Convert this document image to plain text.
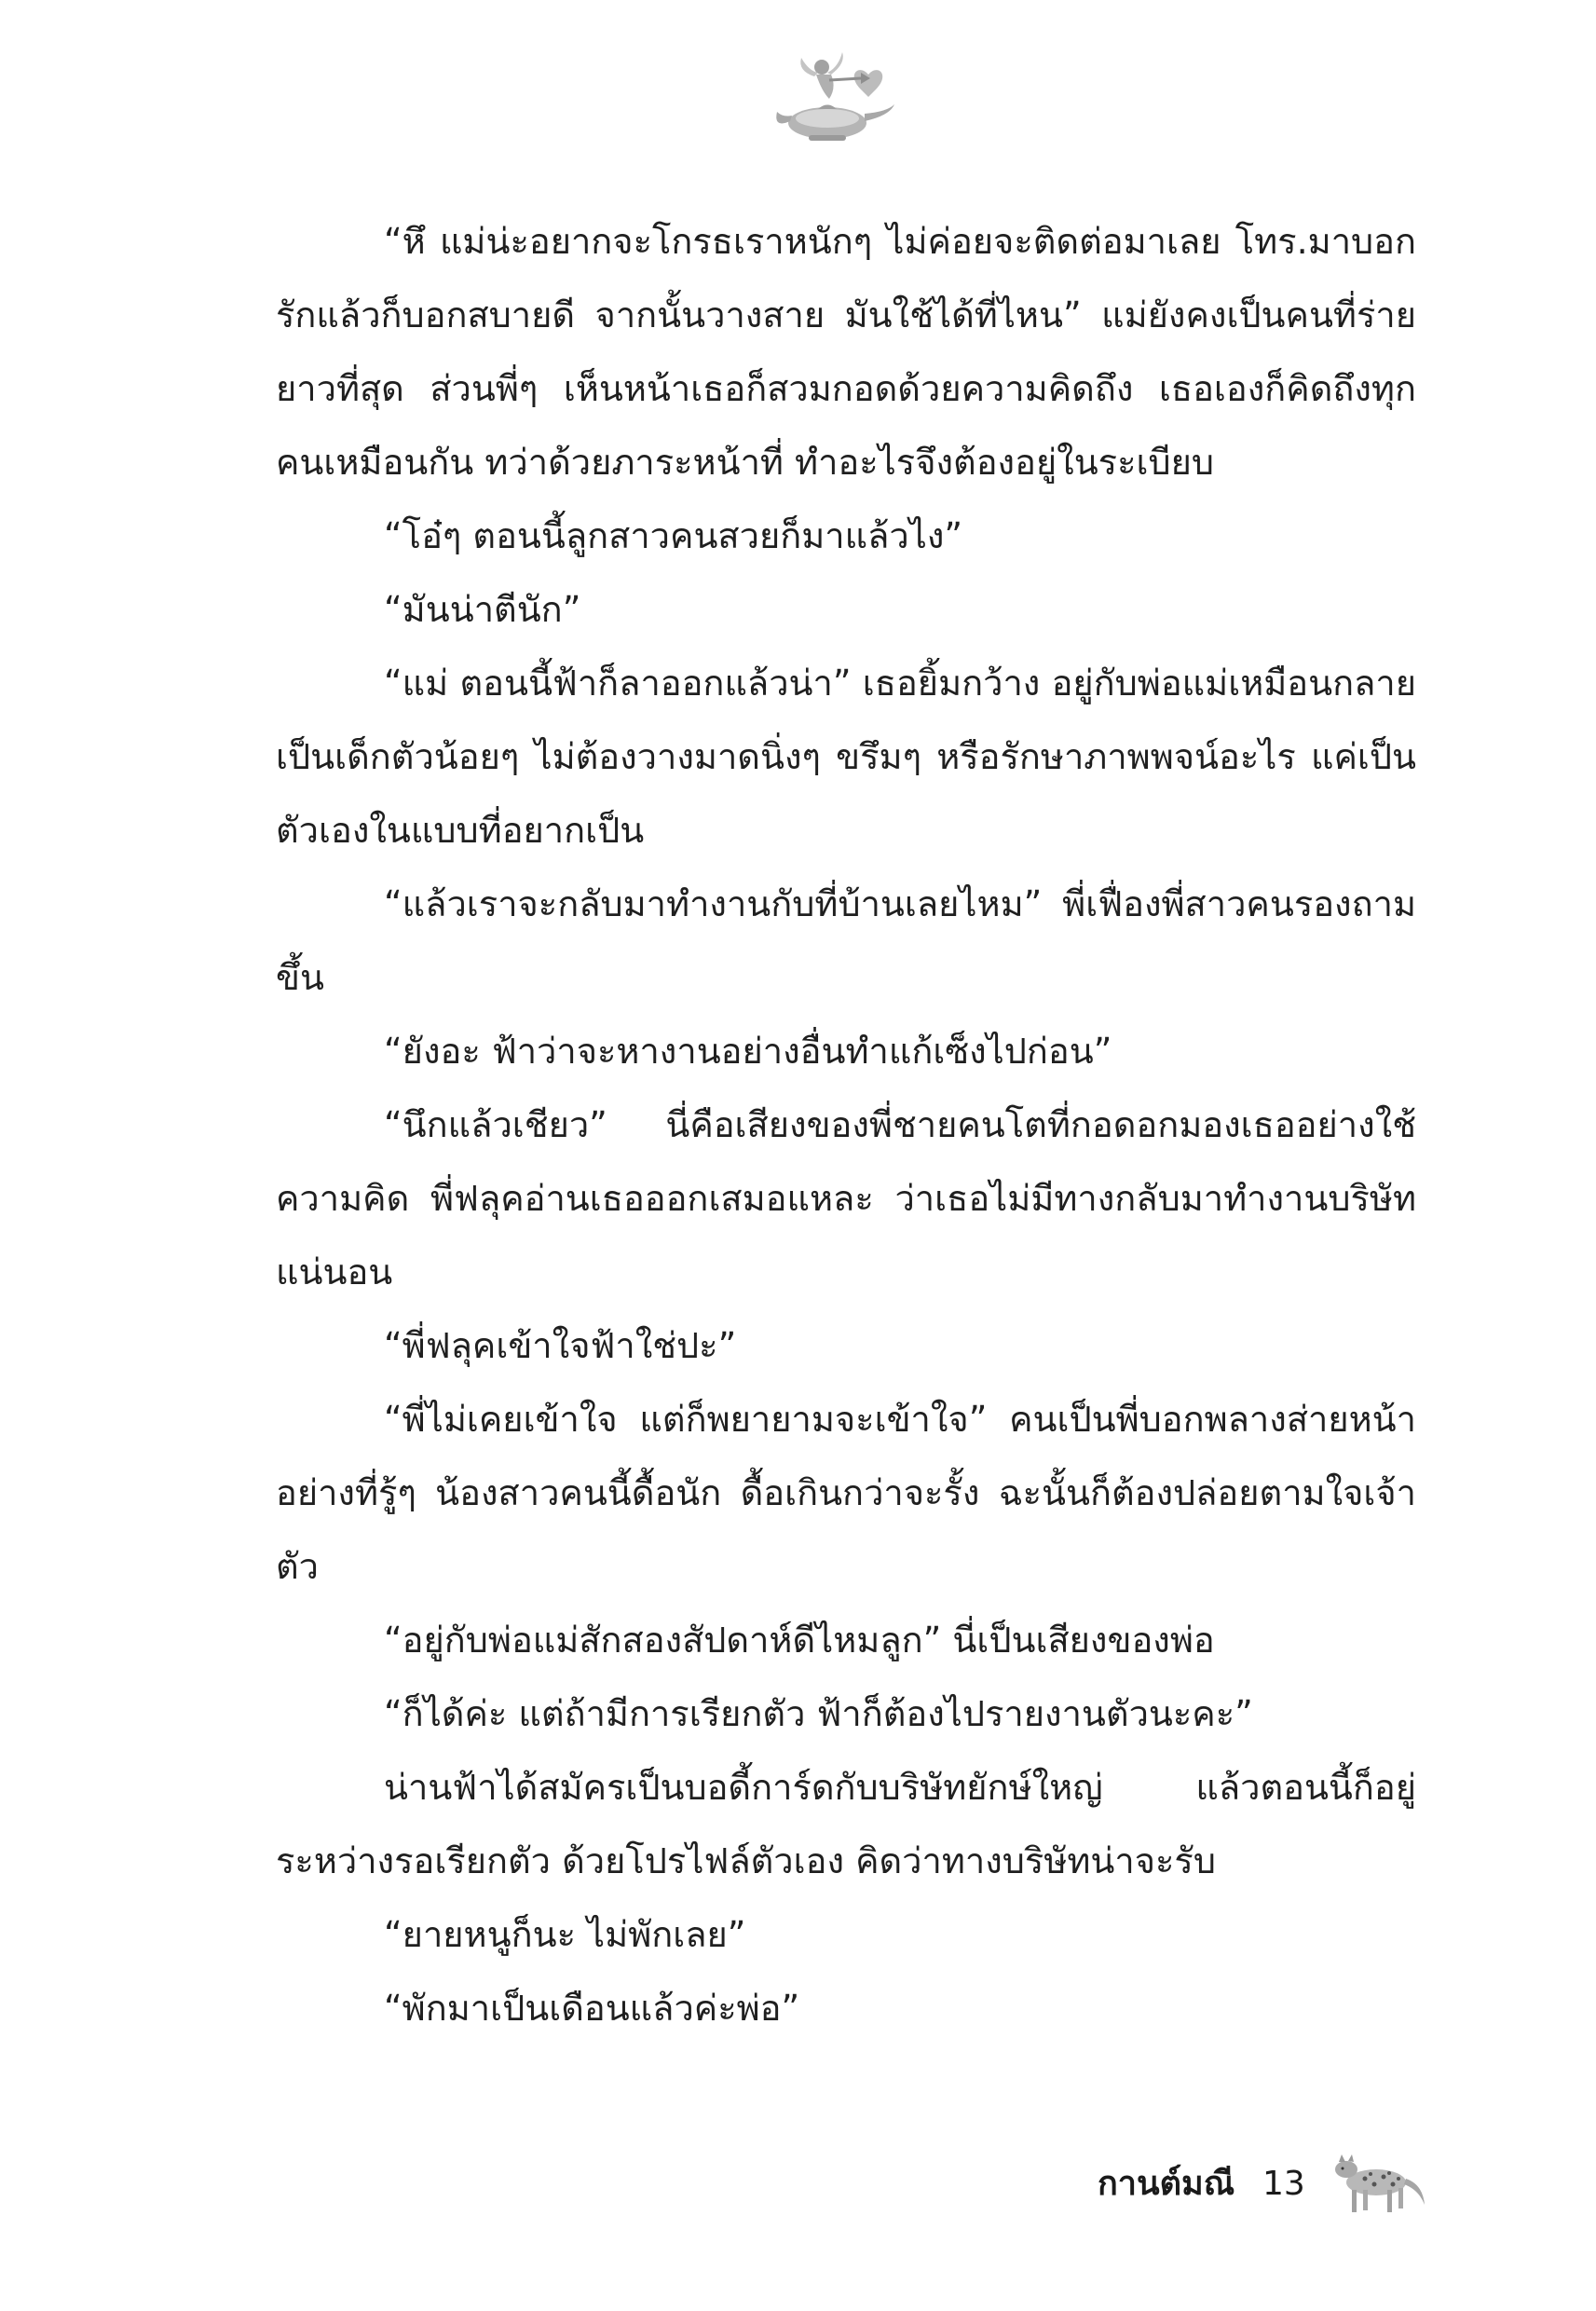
“หึ แม่น่ะอยากจะโกรธเราหนักๆ ไม่ค่อยจะติดต่อมาเลย โทร.มาบอกรักแล้วก็บอกสบายดี จากนั้นวางสาย มันใช้ได้ที่ไหน” แม่ยังคงเป็นคนที่ร่ายยาวที่สุด ส่วนพี่ๆ เห็นหน้าเธอก็สวมกอดด้วยความคิดถึง เธอเองก็คิดถึงทุกคนเหมือนกัน ทว่าด้วยภาระหน้าที่ ทำอะไรจึงต้องอยู่ในระเบียบ

“โอ๋ๆ ตอนนี้ลูกสาวคนสวยก็มาแล้วไง”

“มันน่าตีนัก”

“แม่ ตอนนี้ฟ้าก็ลาออกแล้วน่า” เธอยิ้มกว้าง อยู่กับพ่อแม่เหมือนกลายเป็นเด็กตัวน้อยๆ ไม่ต้องวางมาดนิ่งๆ ขรึมๆ หรือรักษาภาพพจน์อะไร แค่เป็นตัวเองในแบบที่อยากเป็น

“แล้วเราจะกลับมาทำงานกับที่บ้านเลยไหม” พี่เฟื่องพี่สาวคนรองถามขึ้น

“ยังอะ ฟ้าว่าจะหางานอย่างอื่นทำแก้เซ็งไปก่อน”

“นึกแล้วเชียว” นี่คือเสียงของพี่ชายคนโตที่กอดอกมองเธออย่างใช้ความคิด พี่ฟลุคอ่านเธอออกเสมอแหละ ว่าเธอไม่มีทางกลับมาทำงานบริษัทแน่นอน

“พี่ฟลุคเข้าใจฟ้าใช่ปะ”

“พี่ไม่เคยเข้าใจ แต่ก็พยายามจะเข้าใจ” คนเป็นพี่บอกพลางส่ายหน้า อย่างที่รู้ๆ น้องสาวคนนี้ดื้อนัก ดื้อเกินกว่าจะรั้ง ฉะนั้นก็ต้องปล่อยตามใจเจ้าตัว

“อยู่กับพ่อแม่สักสองสัปดาห์ดีไหมลูก” นี่เป็นเสียงของพ่อ

“ก็ได้ค่ะ แต่ถ้ามีการเรียกตัว ฟ้าก็ต้องไปรายงานตัวนะคะ”

น่านฟ้าได้สมัครเป็นบอดี้การ์ดกับบริษัทยักษ์ใหญ่ แล้วตอนนี้ก็อยู่ระหว่างรอเรียกตัว ด้วยโปรไฟล์ตัวเอง คิดว่าทางบริษัทน่าจะรับ

“ยายหนูก็นะ ไม่พักเลย”

“พักมาเป็นเดือนแล้วค่ะพ่อ”

กานต์มณี 13
